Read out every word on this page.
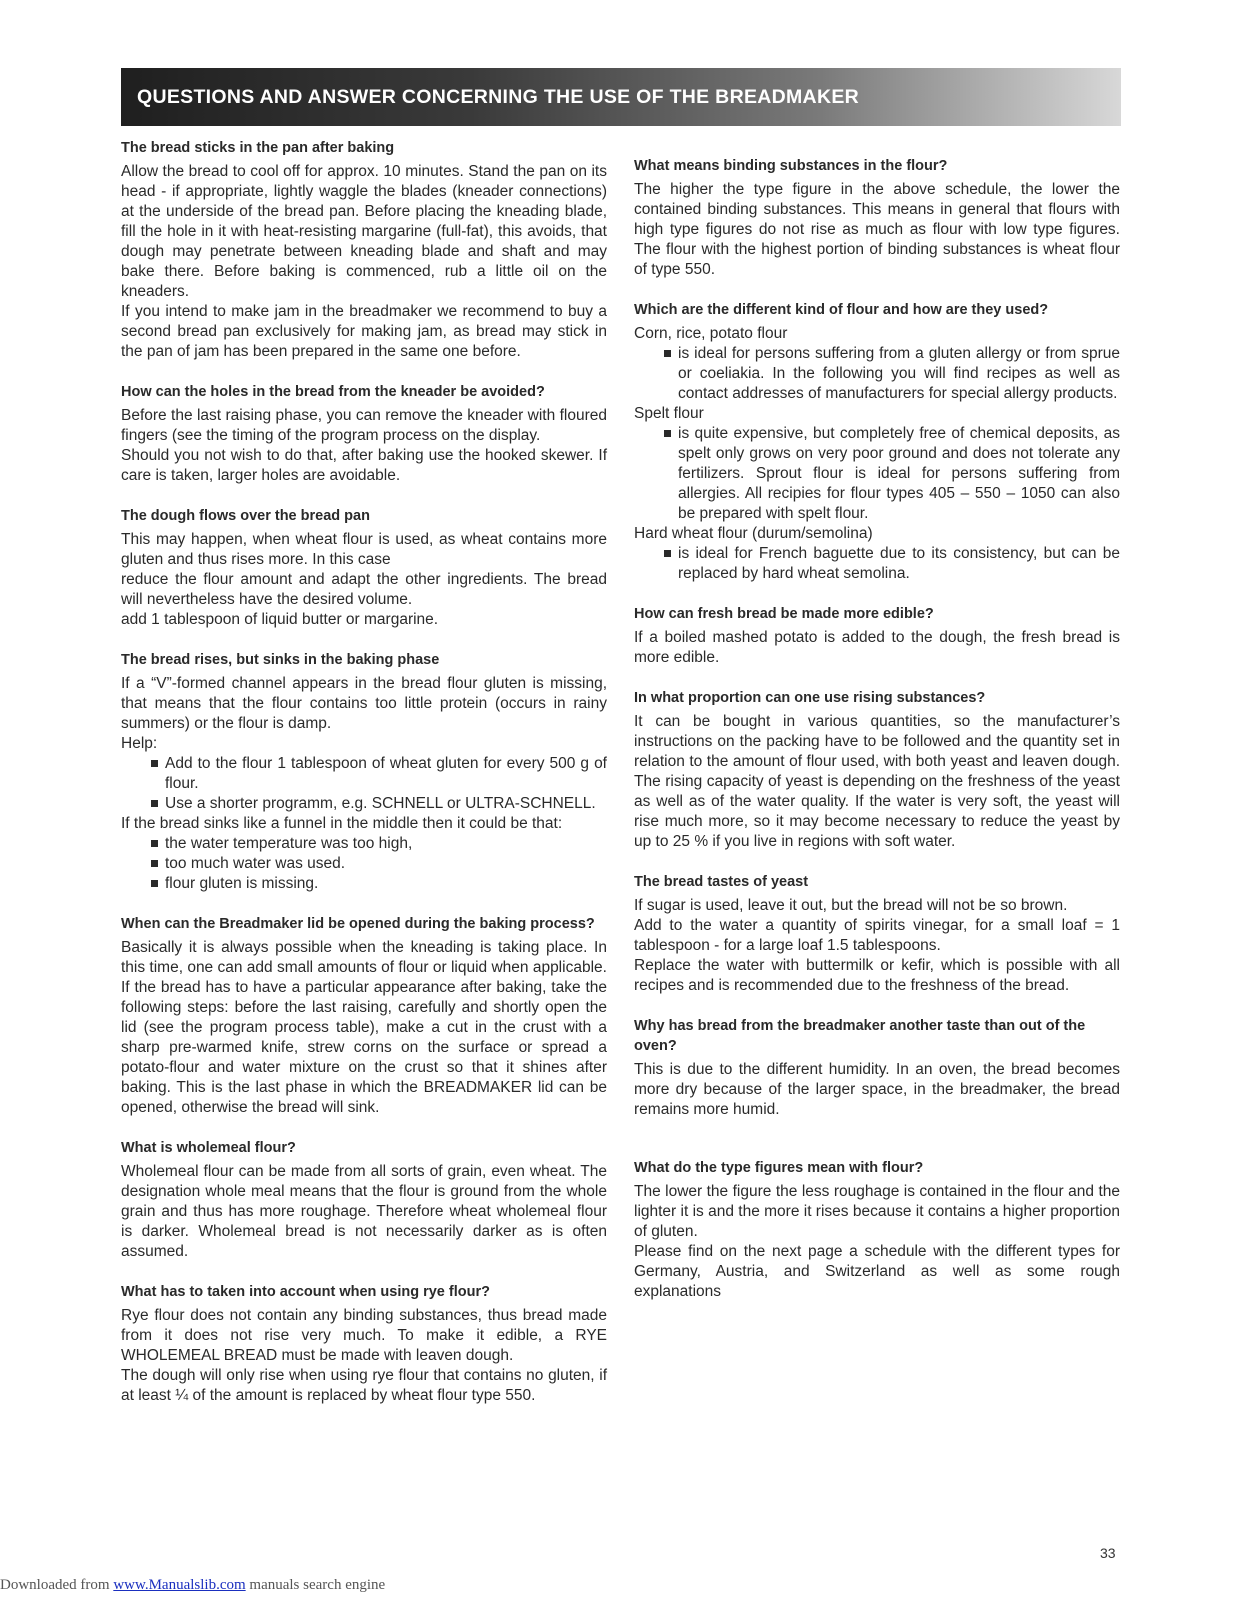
QUESTIONS AND ANSWER CONCERNING THE USE OF THE BREADMAKER
The bread sticks in the pan after baking

Allow the bread to cool off for approx. 10 minutes. Stand the pan on its head - if appropriate, lightly waggle the blades (kneader connections) at the underside of the bread pan. Before placing the kneading blade, fill the hole in it with heat-resisting margarine (full-fat), this avoids, that dough may penetrate between kneading blade and shaft and may bake there. Before baking is commenced, rub a little oil on the kneaders.

If you intend to make jam in the breadmaker we recommend to buy a second bread pan exclusively for making jam, as bread may stick in the pan of jam has been prepared in the same one before.

How can the holes in the bread from the kneader be avoided?

Before the last raising phase, you can remove the kneader with floured fingers (see the timing of the program process on the display.

Should you not wish to do that, after baking use the hooked skewer. If care is taken, larger holes are avoidable.

The dough flows over the bread pan

This may happen, when wheat flour is used, as wheat contains more gluten and thus rises more. In this case

reduce the flour amount and adapt the other ingredients. The bread will nevertheless have the desired volume.

add 1 tablespoon of liquid butter or margarine.

The bread rises, but sinks in the baking phase

If a “V”-formed channel appears in the bread flour gluten is missing, that means that the flour contains too little protein (occurs in rainy summers) or the flour is damp.

Help:

Add to the flour 1 tablespoon of wheat gluten for every 500 g of flour.
Use a shorter programm, e.g. SCHNELL or ULTRA-SCHNELL.

If the bread sinks like a funnel in the middle then it could be that:

the water temperature was too high,
too much water was used.
flour gluten is missing.
When can the Breadmaker lid be opened during the baking process?

Basically it is always possible when the kneading is taking place. In this time, one can add small amounts of flour or liquid when applicable.

If the bread has to have a particular appearance after baking, take the following steps: before the last raising, carefully and shortly open the lid (see the program process table), make a cut in the crust with a sharp pre-warmed knife, strew corns on the surface or spread a potato-flour and water mixture on the crust so that it shines after baking. This is the last phase in which the BREADMAKER lid can be opened, otherwise the bread will sink.

What is wholemeal flour?

Wholemeal flour can be made from all sorts of grain, even wheat. The designation whole meal means that the flour is ground from the whole grain and thus has more roughage. Therefore wheat wholemeal flour is darker. Wholemeal bread is not necessarily darker as is often assumed.

What has to taken into account when using rye flour?

Rye flour does not contain any binding substances, thus bread made from it does not rise very much. To make it edible, a RYE WHOLEMEAL BREAD must be made with leaven dough.

The dough will only rise when using rye flour that contains no gluten, if at least ¼ of the amount is replaced by wheat flour type 550.

What means binding substances in the flour?

The higher the type figure in the above schedule, the lower the contained binding substances. This means in general that flours with high type figures do not rise as much as flour with low type figures. The flour with the highest portion of binding substances is wheat flour of type 550.

Which are the different kind of flour and how are they used?

Corn, rice, potato flour

is ideal for persons suffering from a gluten allergy or from sprue or coeliakia. In the following you will find recipes as well as contact addresses of manufacturers for special allergy products.

Spelt flour

is quite expensive, but completely free of chemical deposits, as spelt only grows on very poor ground and does not tolerate any fertilizers. Sprout flour is ideal for persons suffering from allergies. All recipies for flour types 405 – 550 – 1050 can also be prepared with spelt flour.

Hard wheat flour (durum/semolina)

is ideal for French baguette due to its consistency, but can be replaced by hard wheat semolina.
How can fresh bread be made more edible?

If a boiled mashed potato is added to the dough, the fresh bread is more edible.

In what proportion can one use rising substances?

It can be bought in various quantities, so the manufacturer’s instructions on the packing have to be followed and the quantity set in relation to the amount of flour used, with both yeast and leaven dough. The rising capacity of yeast is depending on the freshness of the yeast as well as of the water quality. If the water is very soft, the yeast will rise much more, so it may become necessary to reduce the yeast by up to 25 % if you live in regions with soft water.

The bread tastes of yeast

If sugar is used, leave it out, but the bread will not be so brown.

Add to the water a quantity of spirits vinegar, for a small loaf = 1 tablespoon - for a large loaf 1.5 tablespoons.

Replace the water with buttermilk or kefir, which is possible with all recipes and is recommended due to the freshness of the bread.

Why has bread from the breadmaker another taste than out of the oven?

This is due to the different humidity. In an oven, the bread becomes more dry because of the larger space, in the breadmaker, the bread remains more humid.

What do the type figures mean with flour?

The lower the figure the less roughage is contained in the flour and the lighter it is and the more it rises because it contains a higher proportion of gluten.

Please find on the next page a schedule with the different types for Germany, Austria, and Switzerland as well as some rough explanations

33
Downloaded from www.Manualslib.com manuals search engine
